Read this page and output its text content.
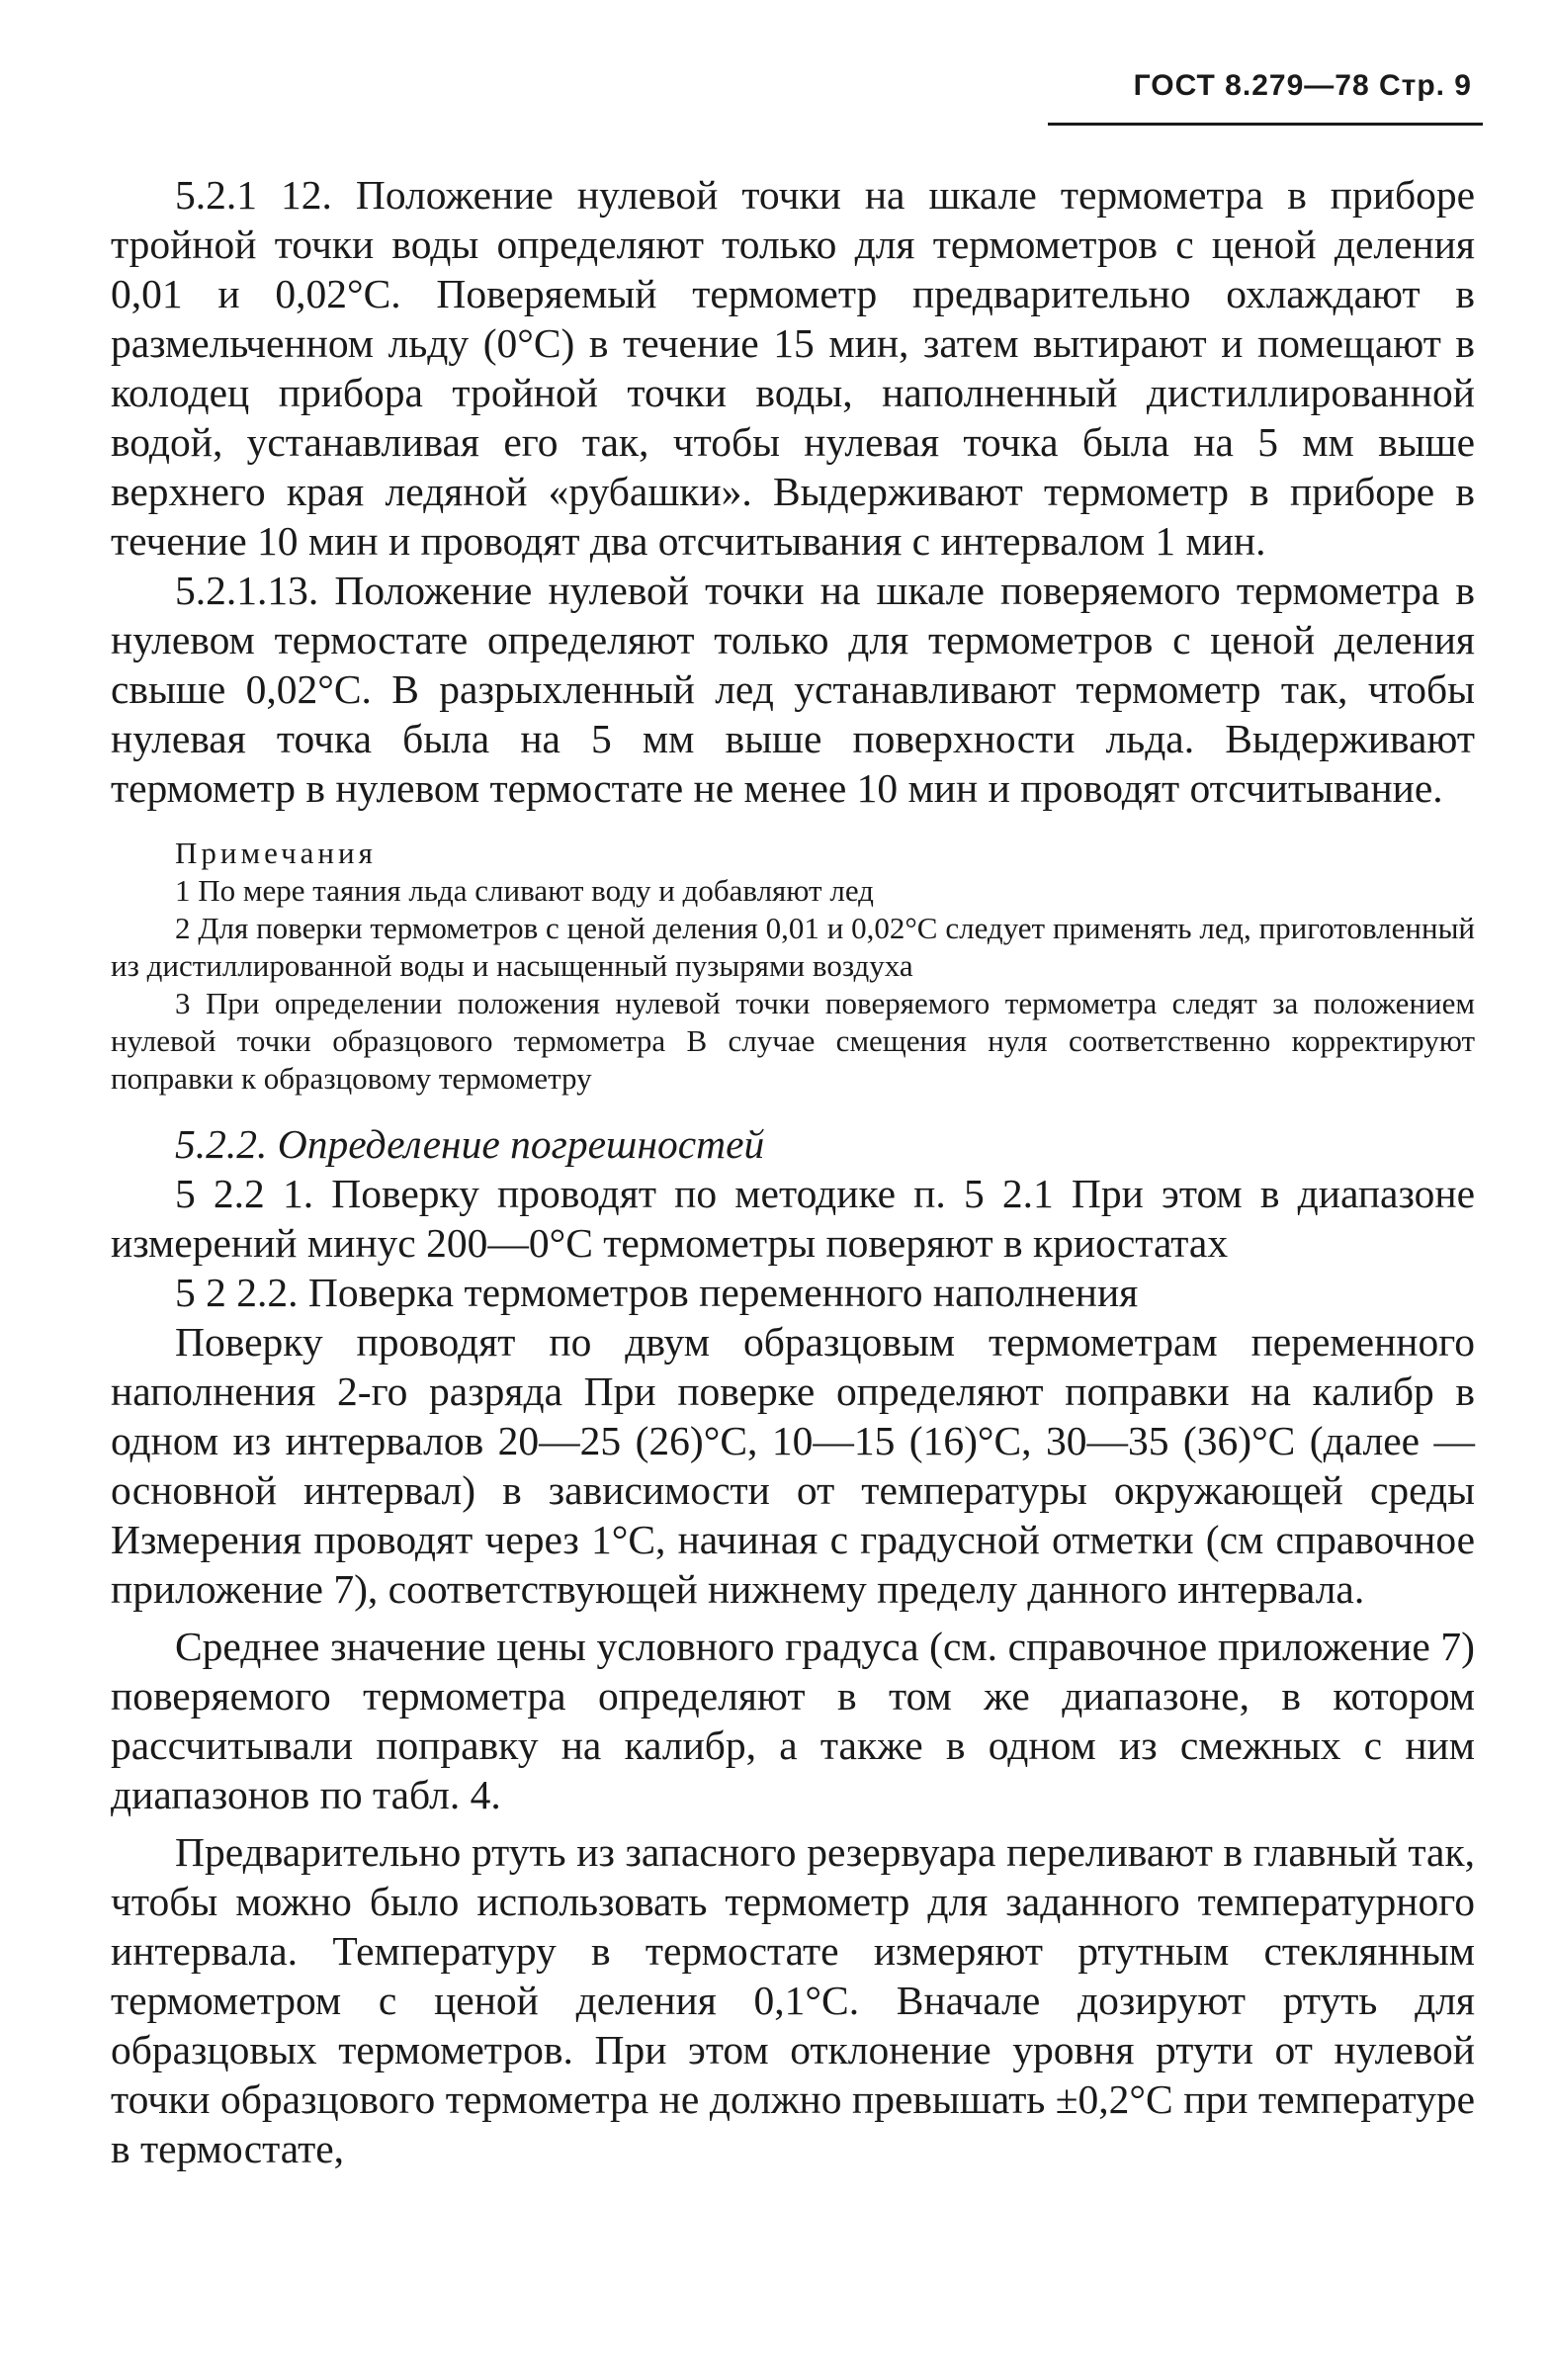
ГОСТ 8.279—78 Стр. 9

5.2.1 12. Положение нулевой точки на шкале термометра в приборе тройной точки воды определяют только для термометров с ценой деления 0,01 и 0,02°С. Поверяемый термометр предварительно охлаждают в размельченном льду (0°С) в течение 15 мин, затем вытирают и помещают в колодец прибора тройной точки воды, наполненный дистиллированной водой, устанавливая его так, чтобы нулевая точка была на 5 мм выше верхнего края ледяной «рубашки». Выдерживают термометр в приборе в течение 10 мин и проводят два отсчитывания с интервалом 1 мин.

5.2.1.13. Положение нулевой точки на шкале поверяемого термометра в нулевом термостате определяют только для термометров с ценой деления свыше 0,02°С. В разрыхленный лед устанавливают термометр так, чтобы нулевая точка была на 5 мм выше поверхности льда. Выдерживают термометр в нулевом термостате не менее 10 мин и проводят отсчитывание.

Примечания

1 По мере таяния льда сливают воду и добавляют лед

2 Для поверки термометров с ценой деления 0,01 и 0,02°С следует применять лед, приготовленный из дистиллированной воды и насыщенный пузырями воздуха

3 При определении положения нулевой точки поверяемого термометра следят за положением нулевой точки образцового термометра В случае смещения нуля соответственно корректируют поправки к образцовому термометру

5.2.2. Определение погрешностей

5 2.2 1. Поверку проводят по методике п. 5 2.1 При этом в диапазоне измерений минус 200—0°С термометры поверяют в криостатах

5 2 2.2. Поверка термометров переменного наполнения

Поверку проводят по двум образцовым термометрам переменного наполнения 2-го разряда При поверке определяют поправки на калибр в одном из интервалов 20—25 (26)°С, 10—15 (16)°С, 30—35 (36)°С (далее — основной интервал) в зависимости от температуры окружающей среды Измерения проводят через 1°С, начиная с градусной отметки (см справочное приложение 7), соответствующей нижнему пределу данного интервала.

Среднее значение цены условного градуса (см. справочное приложение 7) поверяемого термометра определяют в том же диапазоне, в котором рассчитывали поправку на калибр, а также в одном из смежных с ним диапазонов по табл. 4.

Предварительно ртуть из запасного резервуара переливают в главный так, чтобы можно было использовать термометр для заданного температурного интервала. Температуру в термостате измеряют ртутным стеклянным термометром с ценой деления 0,1°С. Вначале дозируют ртуть для образцовых термометров. При этом отклонение уровня ртути от нулевой точки образцового термометра не должно превышать ±0,2°С при температуре в термостате,
